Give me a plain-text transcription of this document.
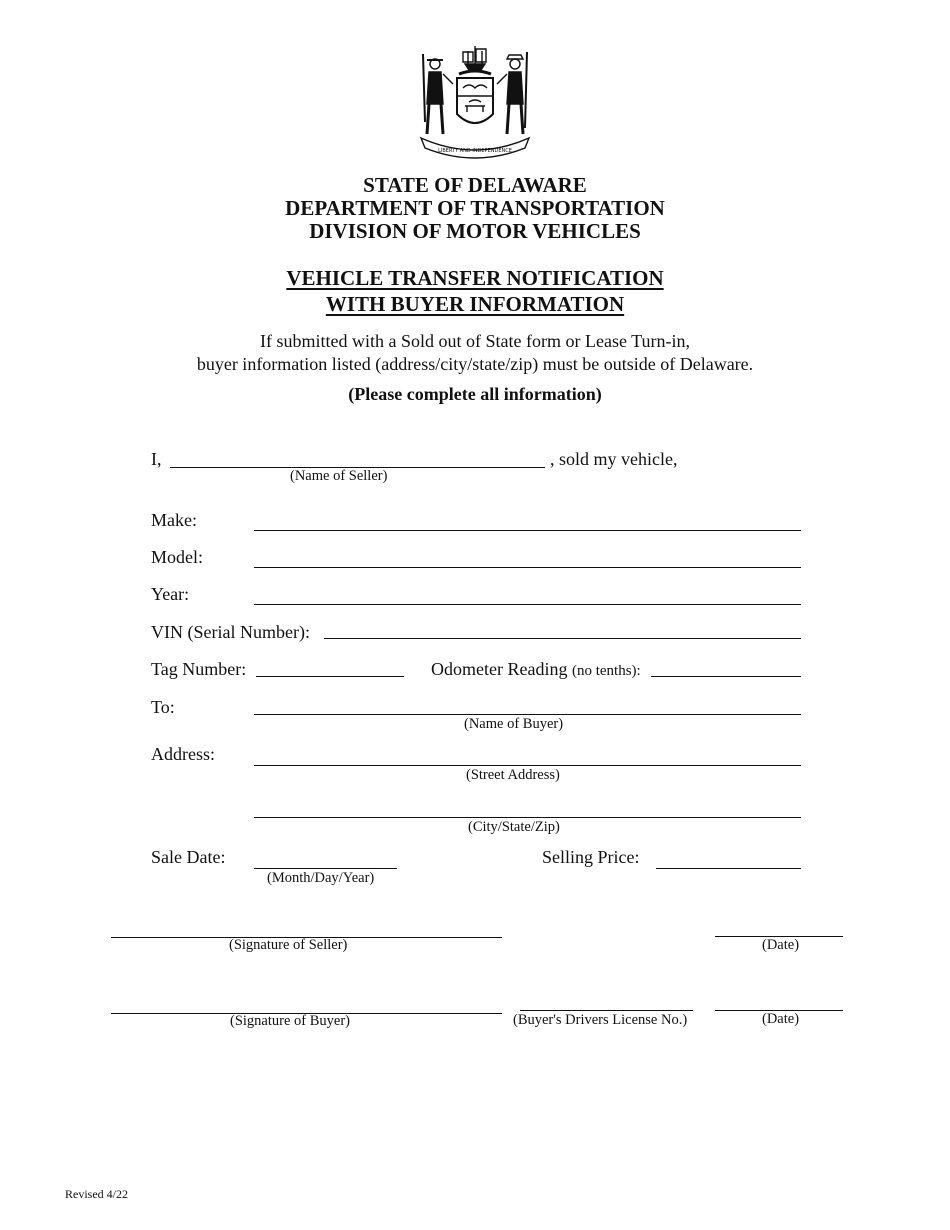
LIBERTY AND INDEPENDENCE
STATE OF DELAWARE
DEPARTMENT OF TRANSPORTATION
DIVISION OF MOTOR VEHICLES
VEHICLE TRANSFER NOTIFICATION
WITH BUYER INFORMATION
If submitted with a Sold out of State form or Lease Turn-in,
buyer information listed (address/city/state/zip) must be outside of Delaware.
(Please complete all information)
I,	, sold my vehicle,
(Name of Seller)
Make:
Model:
Year:
VIN (Serial Number):
Tag Number:	Odometer Reading (no tenths):
To:
(Name of Buyer)
Address:
(Street Address)
(City/State/Zip)
Sale Date:
(Month/Day/Year)
Selling Price:
(Signature of Seller)	(Date)
(Signature of Buyer)	(Buyer's Drivers License No.)	(Date)
Revised 4/22
